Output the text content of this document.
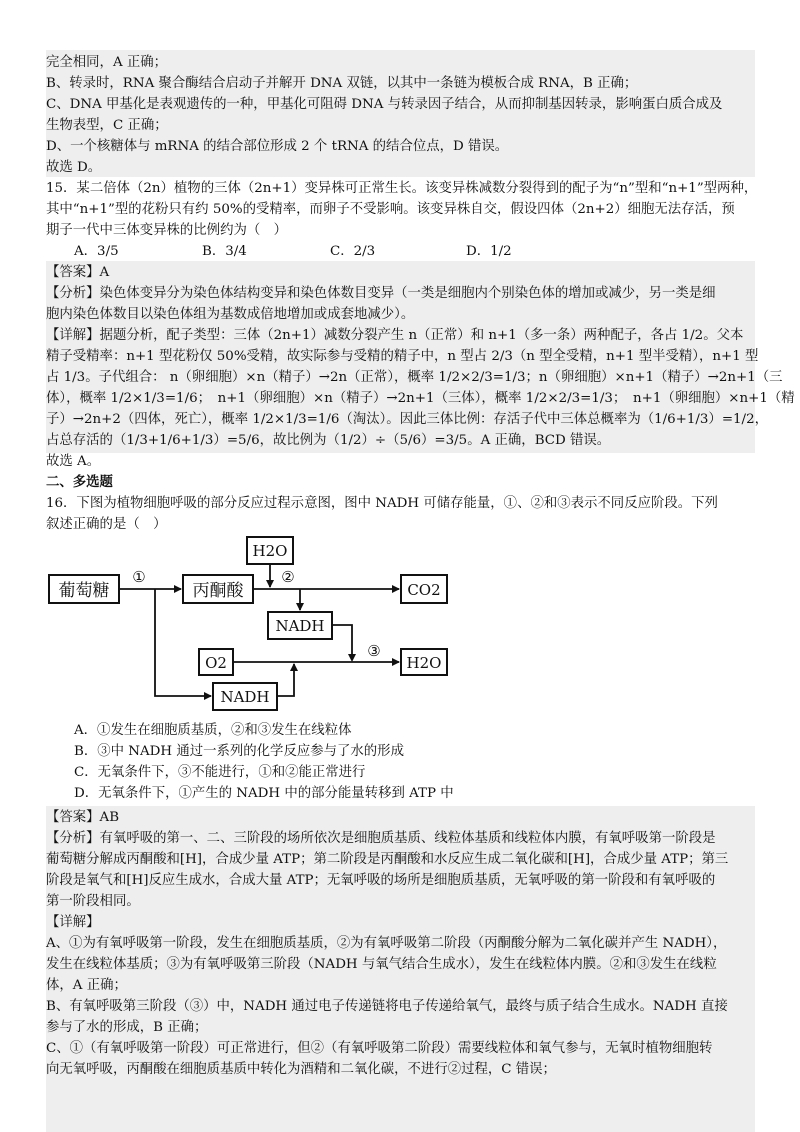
完全相同，A 正确；
B、转录时，RNA 聚合酶结合启动子并解开 DNA 双链，以其中一条链为模板合成 RNA，B 正确；
C、DNA 甲基化是表观遗传的一种，甲基化可阻碍 DNA 与转录因子结合，从而抑制基因转录，影响蛋白质合成及
生物表型，C 正确；
D、一个核糖体与 mRNA 的结合部位形成 2 个 tRNA 的结合位点，D 错误。
故选 D。
15．某二倍体（2n）植物的三体（2n+1）变异株可正常生长。该变异株减数分裂得到的配子为“n”型和“n+1”型两种，
其中“n+1”型的花粉只有约 50%的受精率，而卵子不受影响。该变异株自交，假设四体（2n+2）细胞无法存活，预
期子一代中三体变异株的比例约为（　）
A．3/5	B．3/4	C．2/3	D．1/2
【答案】A
【分析】染色体变异分为染色体结构变异和染色体数目变异（一类是细胞内个别染色体的增加或减少，另一类是细
胞内染色体数目以染色体组为基数成倍地增加或成套地减少）。
【详解】据题分析，配子类型：三体（2n+1）减数分裂产生 n（正常）和 n+1（多一条）两种配子，各占 1/2。父本
精子受精率：n+1 型花粉仅 50%受精，故实际参与受精的精子中，n 型占 2/3（n 型全受精，n+1 型半受精），n+1 型
占 1/3。子代组合： n（卵细胞）×n（精子）→2n（正常），概率 1/2×2/3=1/3；n（卵细胞）×n+1（精子）→2n+1（三
体），概率 1/2×1/3=1/6；　n+1（卵细胞）×n（精子）→2n+1（三体），概率 1/2×2/3=1/3；　n+1（卵细胞）×n+1（精
子）→2n+2（四体，死亡），概率 1/2×1/3=1/6（淘汰）。因此三体比例：存活子代中三体总概率为（1/6+1/3）=1/2，
占总存活的（1/3+1/6+1/3）=5/6，故比例为（1/2）÷（5/6）=3/5。A 正确，BCD 错误。
故选 A。
二、多选题
16．下图为植物细胞呼吸的部分反应过程示意图，图中 NADH 可储存能量，①、②和③表示不同反应阶段。下列
叙述正确的是（　）
葡萄糖	丙酮酸
H2O
CO2
NADH
O2	H2O
NADH
①	②
③
A．①发生在细胞质基质，②和③发生在线粒体
B．③中 NADH 通过一系列的化学反应参与了水的形成
C．无氧条件下，③不能进行，①和②能正常进行
D．无氧条件下，①产生的 NADH 中的部分能量转移到 ATP 中
【答案】AB
【分析】有氧呼吸的第一、二、三阶段的场所依次是细胞质基质、线粒体基质和线粒体内膜，有氧呼吸第一阶段是
葡萄糖分解成丙酮酸和[H]，合成少量 ATP；第二阶段是丙酮酸和水反应生成二氧化碳和[H]，合成少量 ATP；第三
阶段是氧气和[H]反应生成水，合成大量 ATP；无氧呼吸的场所是细胞质基质，无氧呼吸的第一阶段和有氧呼吸的
第一阶段相同。
【详解】
A、①为有氧呼吸第一阶段，发生在细胞质基质，②为有氧呼吸第二阶段（丙酮酸分解为二氧化碳并产生 NADH），
发生在线粒体基质；③为有氧呼吸第三阶段（NADH 与氧气结合生成水），发生在线粒体内膜。②和③发生在线粒
体，A 正确；
B、有氧呼吸第三阶段（③）中，NADH 通过电子传递链将电子传递给氧气，最终与质子结合生成水。NADH 直接
参与了水的形成，B 正确；
C、①（有氧呼吸第一阶段）可正常进行，但②（有氧呼吸第二阶段）需要线粒体和氧气参与，无氧时植物细胞转
向无氧呼吸，丙酮酸在细胞质基质中转化为酒精和二氧化碳，不进行②过程，C 错误；
